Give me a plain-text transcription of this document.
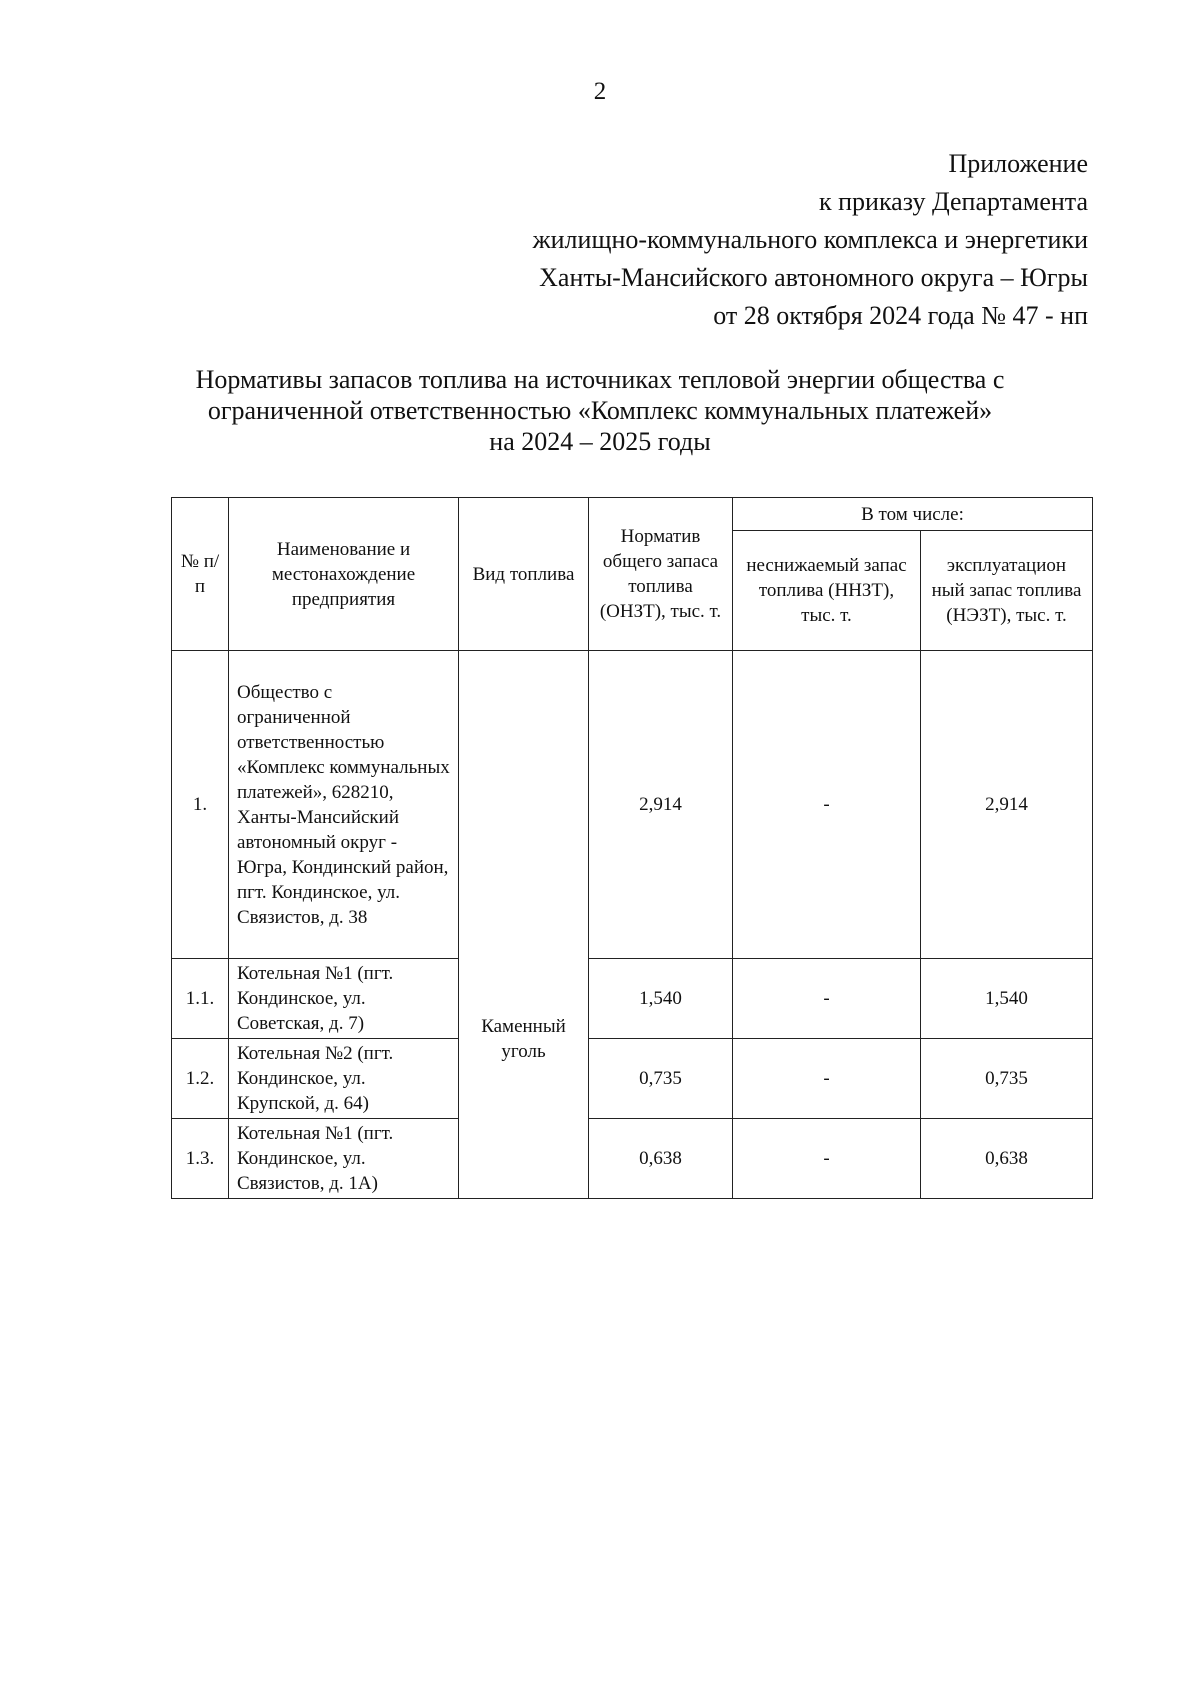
2
Приложение
к приказу Департамента
жилищно-коммунального комплекса и энергетики
Ханты-Мансийского автономного округа – Югры
от 28 октября 2024 года № 47 - нп
Нормативы запасов топлива на источниках тепловой энергии общества с
ограниченной ответственностью «Комплекс коммунальных платежей»
на 2024 – 2025 годы
№ п/п	Наименование и местонахождение предприятия	Вид топлива	Норматив общего запаса топлива (ОНЗТ), тыс. т.	В том числе:	
				неснижаемый запас топлива (ННЗТ), тыс. т.	эксплуатацион ный запас топлива (НЭЗТ), тыс. т.
1.	Общество с ограниченной ответственностью «Комплекс коммунальных платежей», 628210, Ханты-Мансийский автономный округ - Югра, Кондинский район, пгт. Кондинское, ул. Связистов, д. 38	Каменный уголь	2,914	-	2,914
1.1.	Котельная №1 (пгт. Кондинское, ул. Советская, д. 7)		1,540	-	1,540
1.2.	Котельная №2 (пгт. Кондинское, ул. Крупской, д. 64)		0,735	-	0,735
1.3.	Котельная №1 (пгт. Кондинское, ул. Связистов, д. 1А)		0,638	-	0,638
